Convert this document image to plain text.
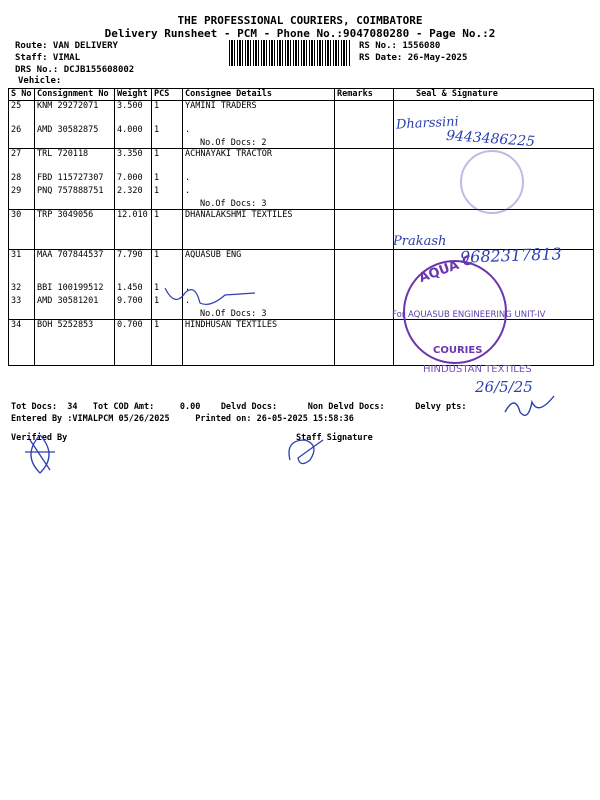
THE PROFESSIONAL COURIERS, COIMBATORE
Delivery Runsheet - PCM - Phone No.:9047080280 - Page No.:2
Route: VAN DELIVERY
Staff: VIMAL
DRS No.: DCJB155608002
Vehicle:
RS No.: 1556080
RS Date: 26-May-2025
S No	Consignment No	Weight	PCS	Consignee Details	Remarks	Seal & Signature
25	KNM 29272071	3.500	1	YAMINI TRADERS		

26	AMD 30582875	4.000	1	.		
				No.Of Docs: 2		
27	TRL 720118	3.350	1	ACHNAYAKI TRACTOR		

28	FBD 115727307	7.000	1	.		
29	PNQ 757888751	2.320	1	.		
				No.Of Docs: 3		
30	TRP 3049056	12.010	1	DHANALAKSHMI TEXTILES		

31	MAA 707844537	7.790	1	AQUASUB ENG		

32	BBI 100199512	1.450	1	.		
33	AMD 30581201	9.700	1	.		
				No.Of Docs: 3		
34	BOH 5252853	0.700	1	HINDHUSAN TEXTILES		

Tot Docs:  34   Tot COD Amt:     0.00    Delvd Docs:      Non Delvd Docs:      Delvy pts:
Entered By :VIMALPCM 05/26/2025     Printed on: 26-05-2025 15:58:36
Verified By	Staff Signature
Dharssini
9443486225
Prakash
9682317813
26/5/25
AQUA C
For AQUASUB ENGINEERING UNIT-IV
COURIES
HINDUSTAN TEXTILES
